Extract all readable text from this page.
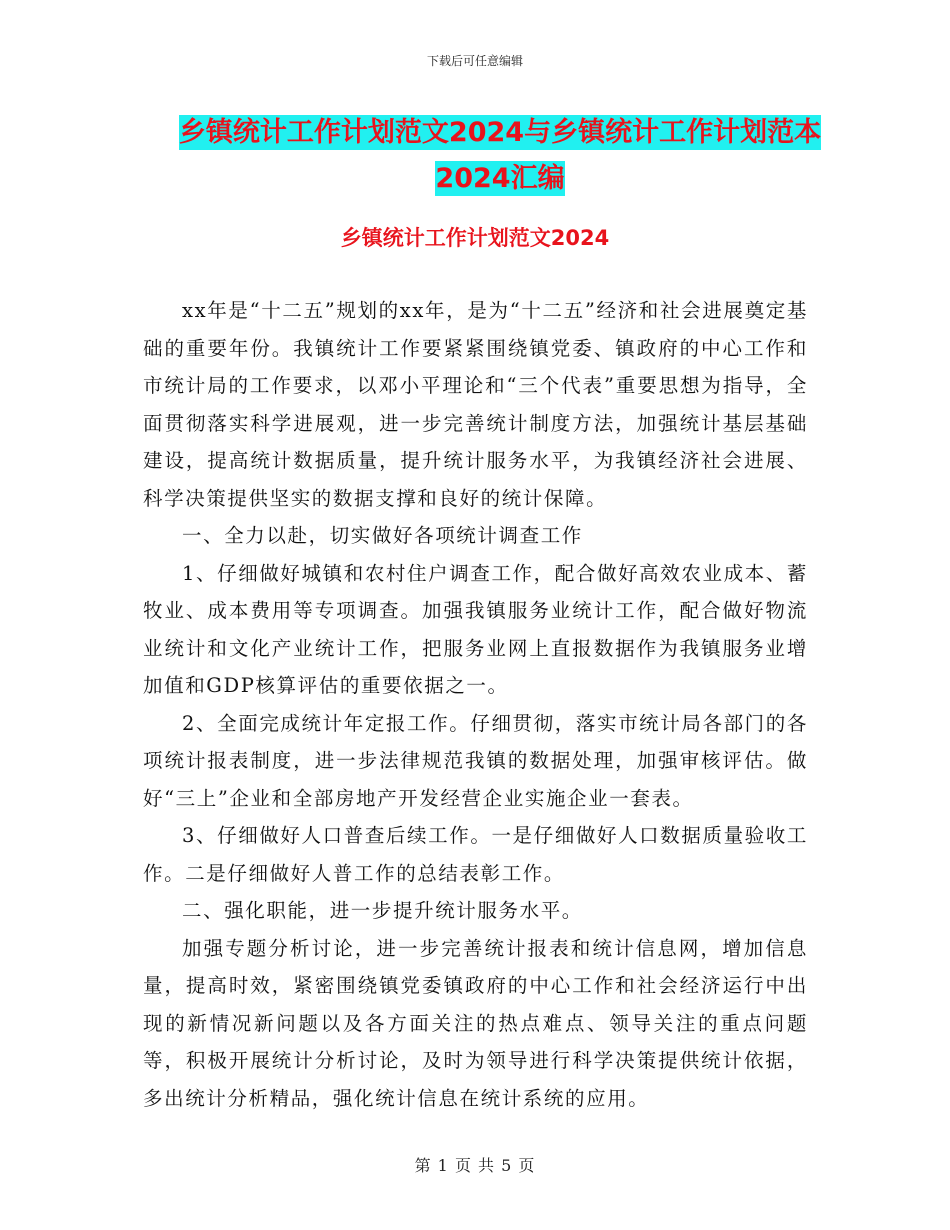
下载后可任意编辑
乡镇统计工作计划范文2024与乡镇统计工作计划范本
2024汇编
乡镇统计工作计划范文2024

xx年是“十二五”规划的xx年，是为“十二五”经济和社会进展奠定基础的重要年份。我镇统计工作要紧紧围绕镇党委、镇政府的中心工作和市统计局的工作要求，以邓小平理论和“三个代表”重要思想为指导，全面贯彻落实科学进展观，进一步完善统计制度方法，加强统计基层基础建设，提高统计数据质量，提升统计服务水平，为我镇经济社会进展、科学决策提供坚实的数据支撑和良好的统计保障。

一、全力以赴，切实做好各项统计调查工作

1、仔细做好城镇和农村住户调查工作，配合做好高效农业成本、蓄牧业、成本费用等专项调查。加强我镇服务业统计工作，配合做好物流业统计和文化产业统计工作，把服务业网上直报数据作为我镇服务业增加值和GDP核算评估的重要依据之一。

2、全面完成统计年定报工作。仔细贯彻，落实市统计局各部门的各项统计报表制度，进一步法律规范我镇的数据处理，加强审核评估。做好“三上”企业和全部房地产开发经营企业实施企业一套表。

3、仔细做好人口普查后续工作。一是仔细做好人口数据质量验收工作。二是仔细做好人普工作的总结表彰工作。

二、强化职能，进一步提升统计服务水平。

加强专题分析讨论，进一步完善统计报表和统计信息网，增加信息量，提高时效，紧密围绕镇党委镇政府的中心工作和社会经济运行中出现的新情况新问题以及各方面关注的热点难点、领导关注的重点问题等，积极开展统计分析讨论，及时为领导进行科学决策提供统计依据，多出统计分析精品，强化统计信息在统计系统的应用。

第 1 页 共 5 页
